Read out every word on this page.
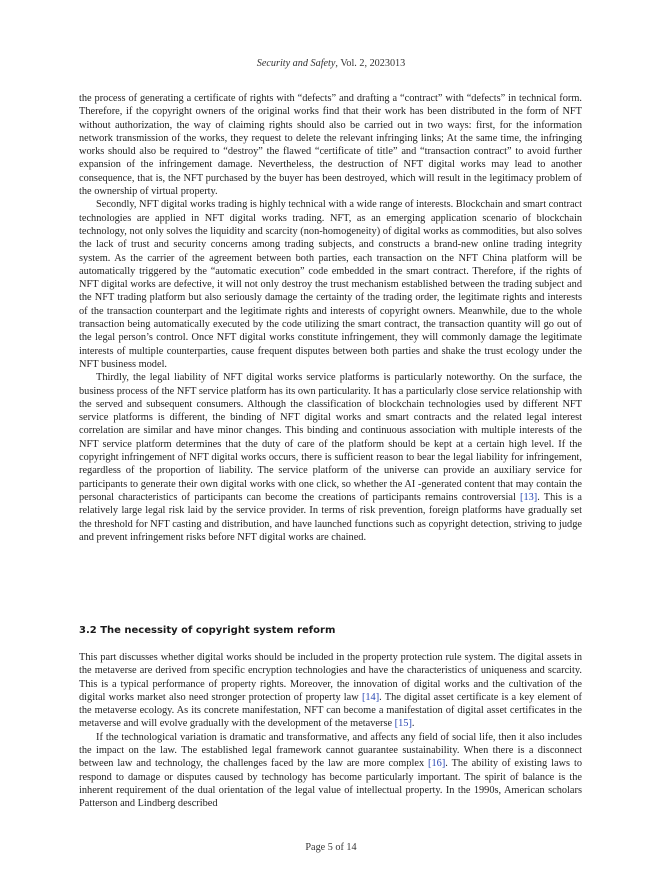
Security and Safety, Vol. 2, 2023013

the process of generating a certificate of rights with “defects” and drafting a “contract” with “defects” in technical form. Therefore, if the copyright owners of the original works find that their work has been distributed in the form of NFT without authorization, the way of claiming rights should also be carried out in two ways: first, for the information network transmission of the works, they request to delete the relevant infringing links; At the same time, the infringing works should also be required to “destroy” the flawed “certificate of title” and “transaction contract” to avoid further expansion of the infringement damage. Nevertheless, the destruction of NFT digital works may lead to another consequence, that is, the NFT purchased by the buyer has been destroyed, which will result in the legitimacy problem of the ownership of virtual property.

Secondly, NFT digital works trading is highly technical with a wide range of interests. Blockchain and smart contract technologies are applied in NFT digital works trading. NFT, as an emerging application scenario of blockchain technology, not only solves the liquidity and scarcity (non-homogeneity) of digital works as commodities, but also solves the lack of trust and security concerns among trading subjects, and constructs a brand-new online trading integrity system. As the carrier of the agreement between both parties, each transaction on the NFT China platform will be automatically triggered by the “automatic execution” code embedded in the smart contract. Therefore, if the rights of NFT digital works are defective, it will not only destroy the trust mechanism established between the trading subject and the NFT trading platform but also seriously damage the certainty of the trading order, the legitimate rights and interests of the transaction counterpart and the legitimate rights and interests of copyright owners. Meanwhile, due to the whole transaction being automatically executed by the code utilizing the smart contract, the transaction quantity will go out of the legal person’s control. Once NFT digital works constitute infringement, they will commonly damage the legitimate interests of multiple counterparties, cause frequent disputes between both parties and shake the trust ecology under the NFT business model.

Thirdly, the legal liability of NFT digital works service platforms is particularly noteworthy. On the surface, the business process of the NFT service platform has its own particularity. It has a particularly close service relationship with the served and subsequent consumers. Although the classification of blockchain technologies used by different NFT service platforms is different, the binding of NFT digital works and smart contracts and the related legal interest correlation are similar and have minor changes. This binding and continuous association with multiple interests of the NFT service platform determines that the duty of care of the platform should be kept at a certain high level. If the copyright infringement of NFT digital works occurs, there is sufficient reason to bear the legal liability for infringement, regardless of the proportion of liability. The service platform of the universe can provide an auxiliary service for participants to generate their own digital works with one click, so whether the AI -generated content that may contain the personal characteristics of participants can become the creations of participants remains controversial [13]. This is a relatively large legal risk laid by the service provider. In terms of risk prevention, foreign platforms have gradually set the threshold for NFT casting and distribution, and have launched functions such as copyright detection, striving to judge and prevent infringement risks before NFT digital works are chained.

3.2 The necessity of copyright system reform

This part discusses whether digital works should be included in the property protection rule system. The digital assets in the metaverse are derived from specific encryption technologies and have the characteristics of uniqueness and scarcity. This is a typical performance of property rights. Moreover, the innovation of digital works and the cultivation of the digital works market also need stronger protection of property law [14]. The digital asset certificate is a key element of the metaverse ecology. As its concrete manifestation, NFT can become a manifestation of digital asset certificates in the metaverse and will evolve gradually with the development of the metaverse [15].

If the technological variation is dramatic and transformative, and affects any field of social life, then it also includes the impact on the law. The established legal framework cannot guarantee sustainability. When there is a disconnect between law and technology, the challenges faced by the law are more complex [16]. The ability of existing laws to respond to damage or disputes caused by technology has become particularly important. The spirit of balance is the inherent requirement of the dual orientation of the legal value of intellectual property. In the 1990s, American scholars Patterson and Lindberg described

Page 5 of 14
